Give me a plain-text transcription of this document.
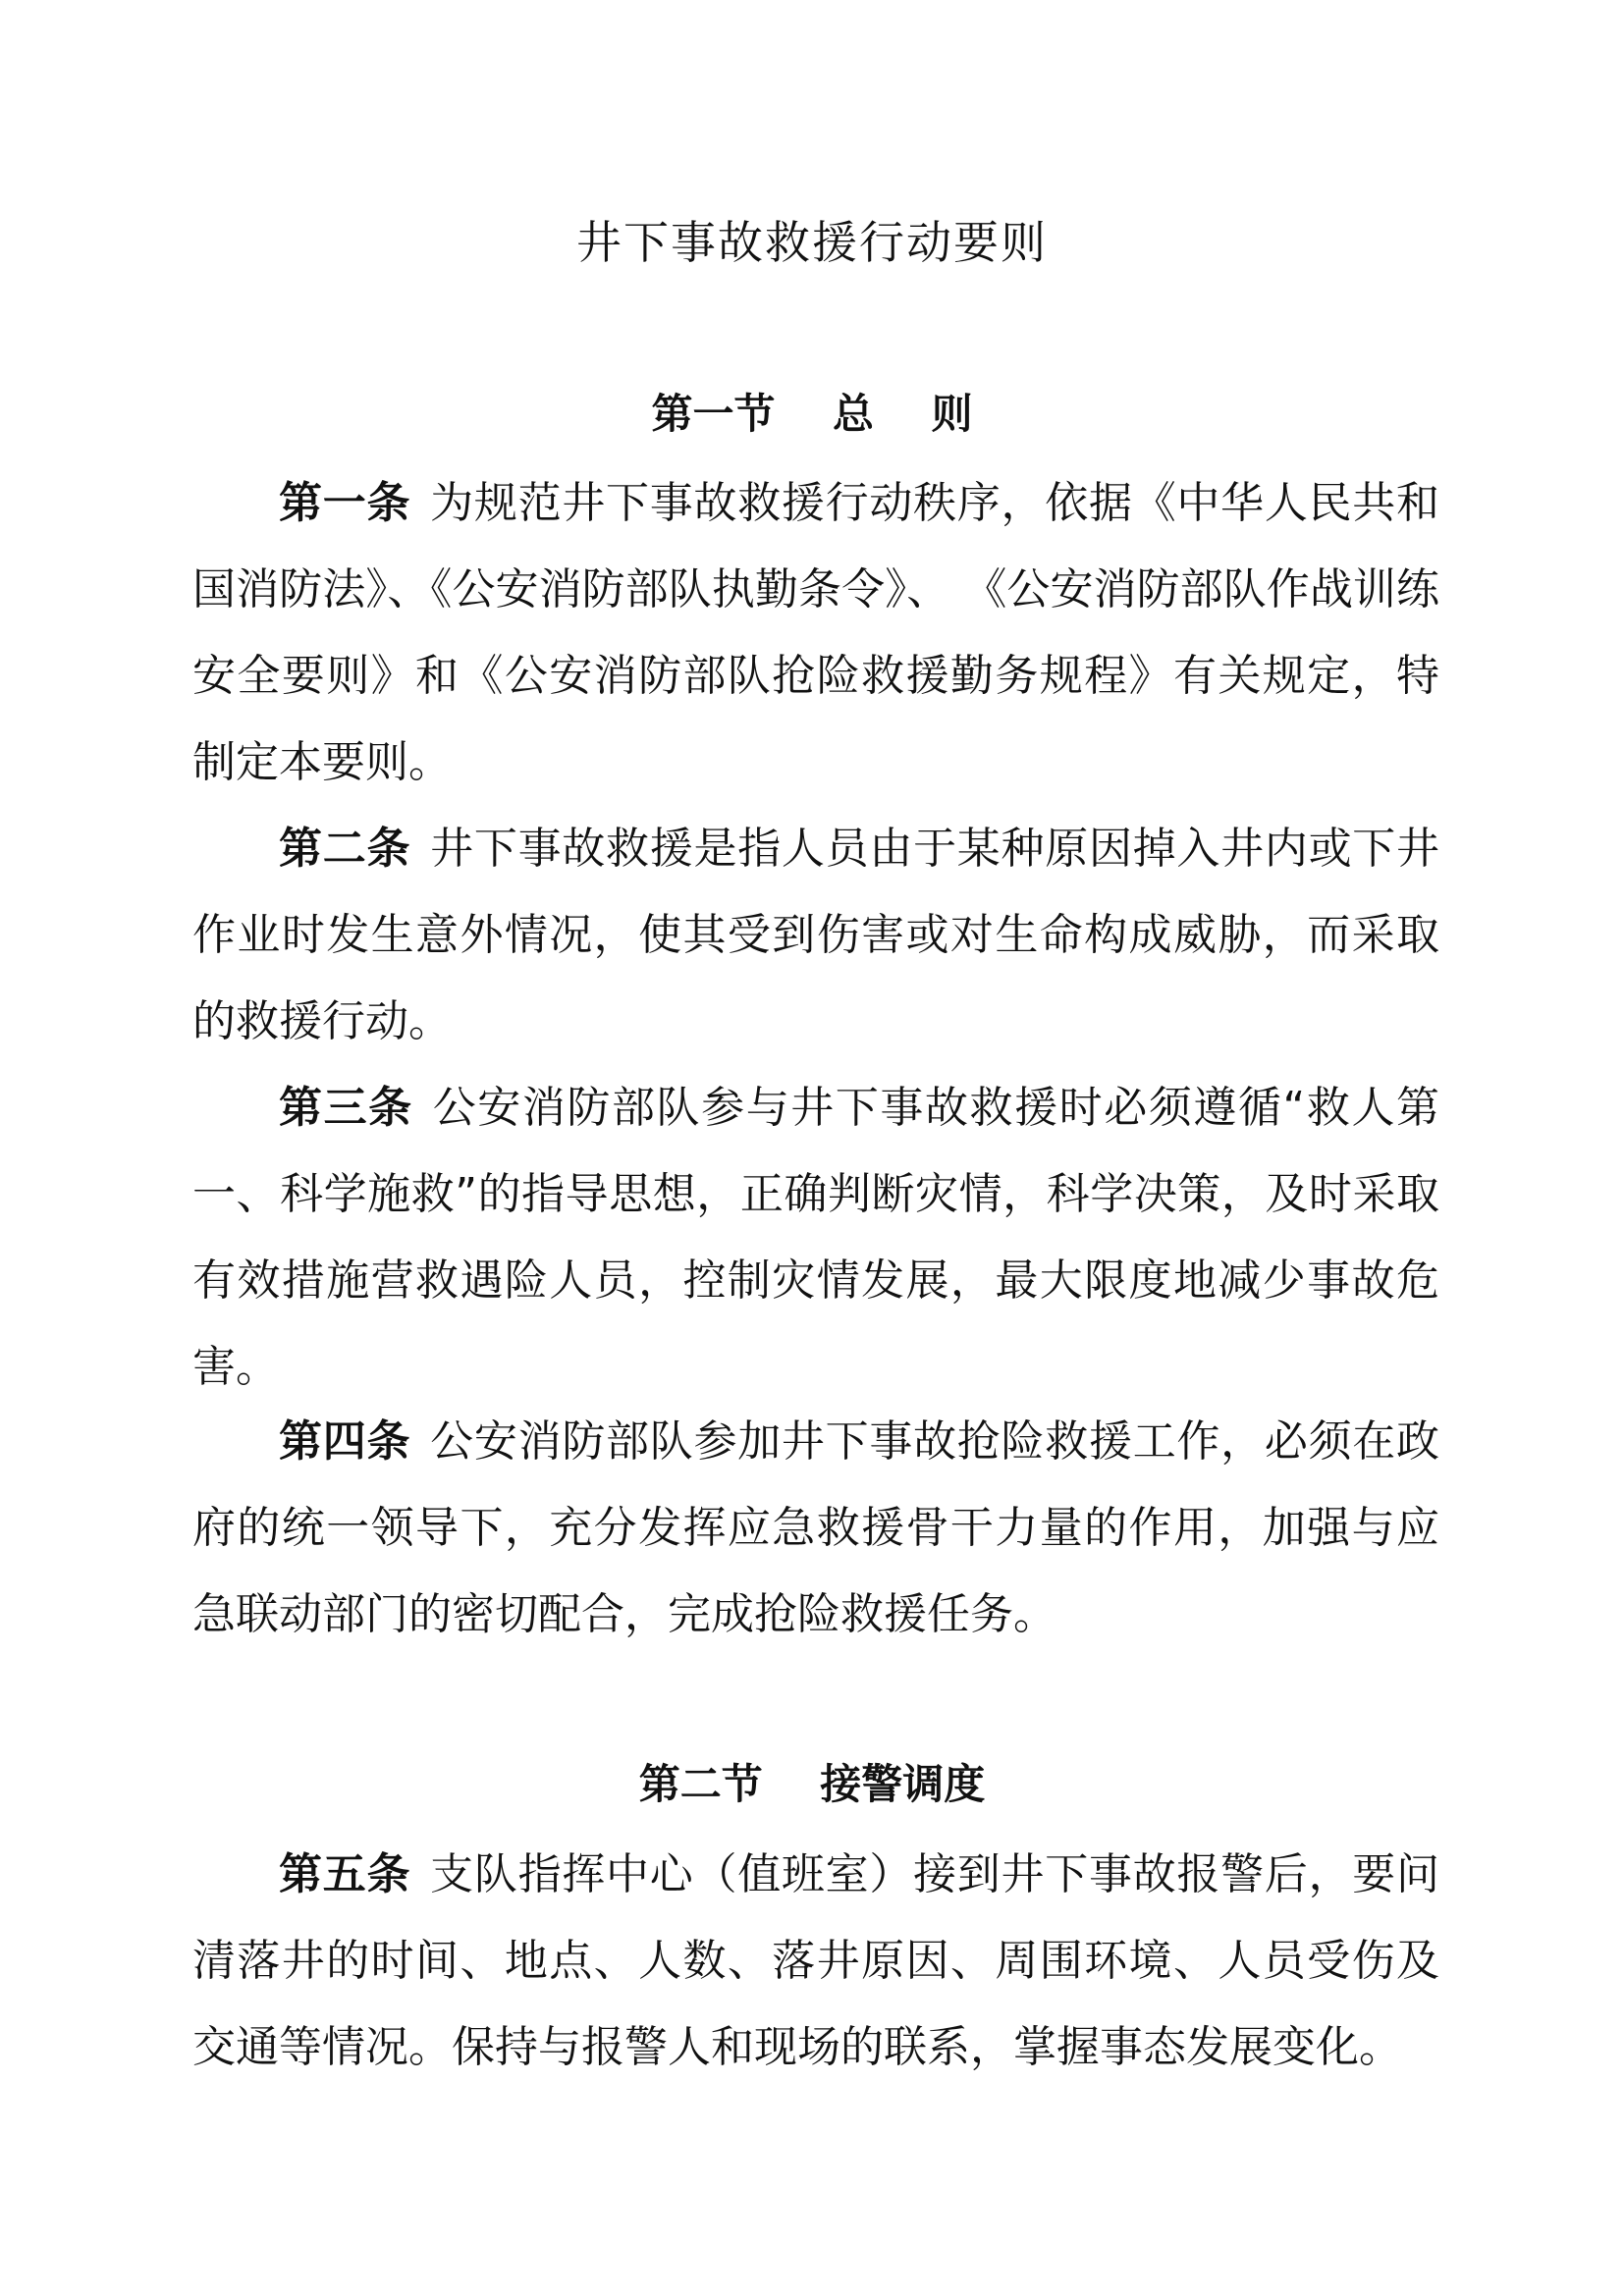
井下事故救援行动要则
第一节    总    则

第一条 为规范井下事故救援行动秩序，依据《中华人民共和国消防法》、《公安消防部队执勤条令》、 《公安消防部队作战训练安全要则》和《公安消防部队抢险救援勤务规程》有关规定，特制定本要则。

第二条 井下事故救援是指人员由于某种原因掉入井内或下井作业时发生意外情况，使其受到伤害或对生命构成威胁，而采取的救援行动。

第三条 公安消防部队参与井下事故救援时必须遵循“救人第一、科学施救”的指导思想，正确判断灾情，科学决策，及时采取有效措施营救遇险人员，控制灾情发展，最大限度地减少事故危害。

第四条 公安消防部队参加井下事故抢险救援工作，必须在政府的统一领导下，充分发挥应急救援骨干力量的作用，加强与应急联动部门的密切配合，完成抢险救援任务。

第二节    接警调度

第五条 支队指挥中心（值班室）接到井下事故报警后，要问清落井的时间、地点、人数、落井原因、周围环境、人员受伤及交通等情况。保持与报警人和现场的联系，掌握事态发展变化。
